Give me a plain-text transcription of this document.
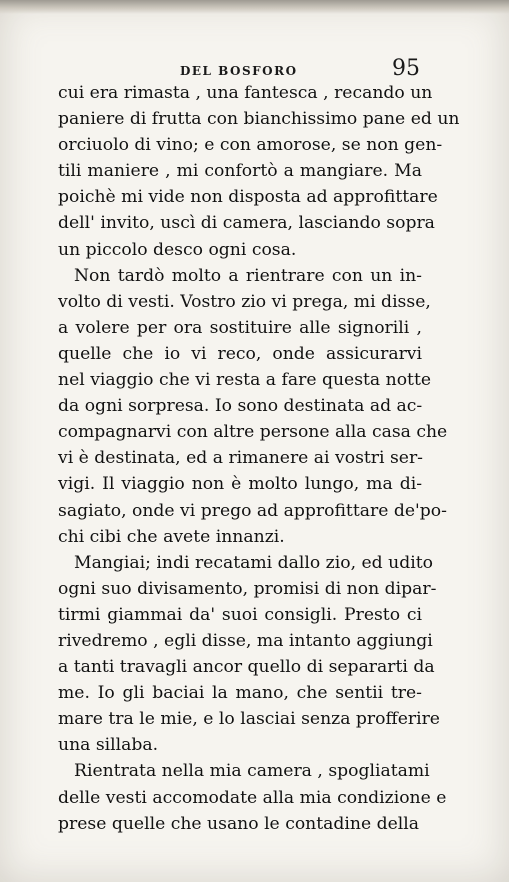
DEL BOSFORO	95
cui era rimasta , una fantesca , recando un
paniere di frutta con bianchissimo pane ed un
orciuolo di vino; e con amorose, se non gen-
tili maniere , mi confortò a mangiare. Ma
poichè mi vide non disposta ad approfittare
dell' invito, uscì di camera, lasciando sopra
un piccolo desco ogni cosa.
Non tardò molto a rientrare con un in-
volto di vesti. Vostro zio vi prega, mi disse,
a volere per ora sostituire alle signorili ,
quelle che io vi reco, onde assicurarvi
nel viaggio che vi resta a fare questa notte
da ogni sorpresa. Io sono destinata ad ac-
compagnarvi con altre persone alla casa che
vi è destinata, ed a rimanere ai vostri ser-
vigi. Il viaggio non è molto lungo, ma di-
sagiato, onde vi prego ad approfittare de'po-
chi cibi che avete innanzi.
Mangiai; indi recatami dallo zio, ed udito
ogni suo divisamento, promisi di non dipar-
tirmi giammai da' suoi consigli. Presto ci
rivedremo , egli disse, ma intanto aggiungi
a tanti travagli ancor quello di separarti da
me. Io gli baciai la mano, che sentii tre-
mare tra le mie, e lo lasciai senza profferire
una sillaba.
Rientrata nella mia camera , spogliatami
delle vesti accomodate alla mia condizione e
prese quelle che usano le contadine della
